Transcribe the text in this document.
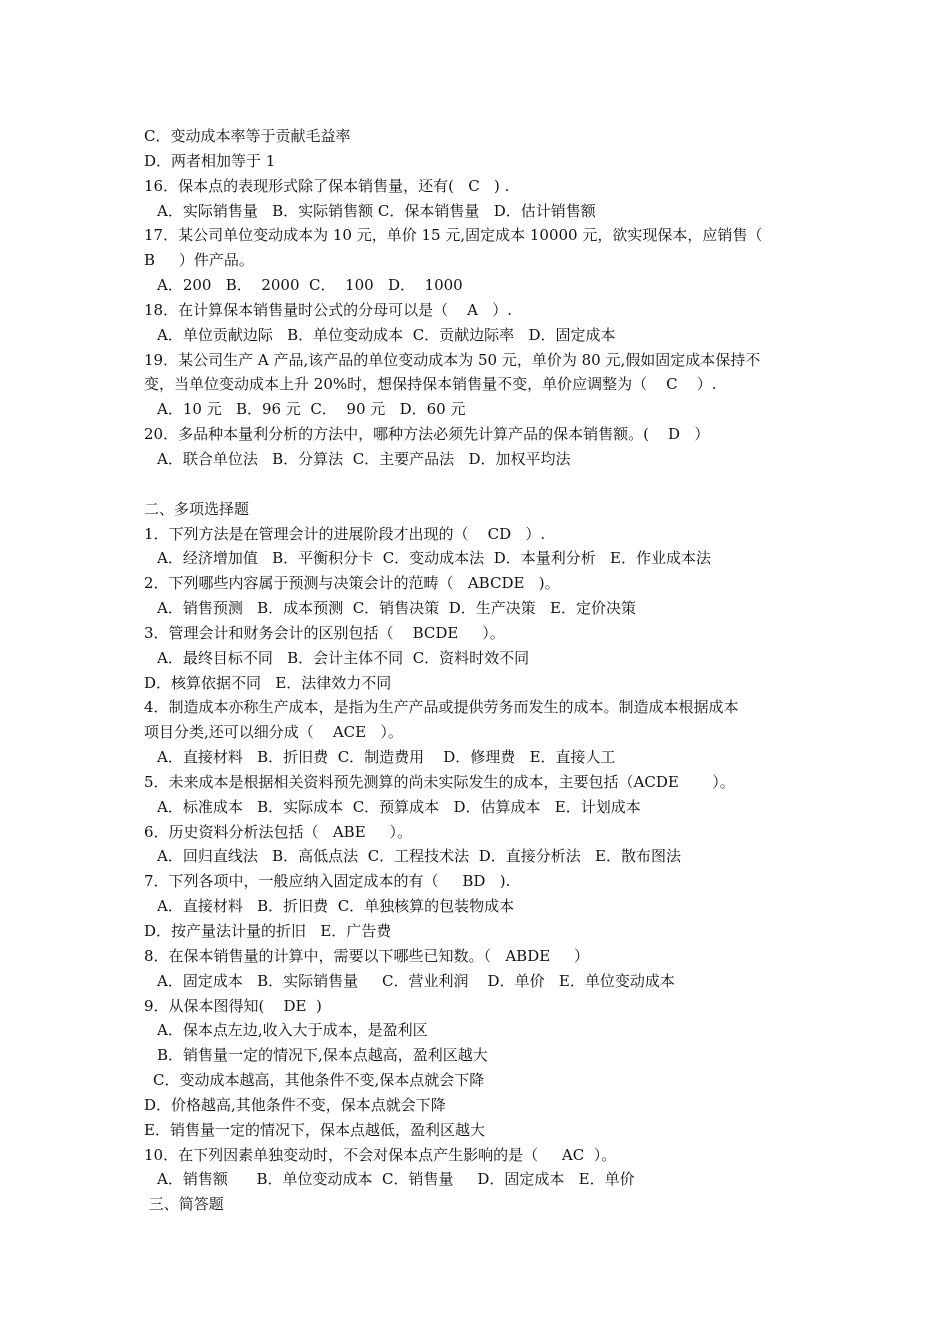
C．变动成本率等于贡献毛益率
D．两者相加等于 1
16．保本点的表现形式除了保本销售量，还有(   C   ) .
A．实际销售量   B．实际销售额 C．保本销售量   D．估计销售额
17．某公司单位变动成本为 10 元，单价 15 元,固定成本 10000 元，欲实现保本，应销售（
B     ）件产品。
A．200   B．  2000  C．  100   D．  1000
18．在计算保本销售量时公式的分母可以是（    A   ）.
A．单位贡献边际   B．单位变动成本  C．贡献边际率   D．固定成本
19．某公司生产 A 产品,该产品的单位变动成本为 50 元，单价为 80 元,假如固定成本保持不
变，当单位变动成本上升 20%时，想保持保本销售量不变，单价应调整为（    C    ）.
A．10 元   B．96 元  C．  90 元   D．60 元
20．多品种本量利分析的方法中，哪种方法必须先计算产品的保本销售额。(    D   ）
A．联合单位法   B．分算法  C．主要产品法   D．加权平均法
二、多项选择题
1．下列方法是在管理会计的进展阶段才出现的（    CD   ）.
A．经济增加值   B．平衡积分卡  C．变动成本法  D．本量利分析   E．作业成本法
2．下列哪些内容属于预测与决策会计的范畴（   ABCDE   )。
A．销售预测   B．成本预测  C．销售决策  D．生产决策   E．定价决策
3．管理会计和财务会计的区别包括（    BCDE     ）。
A．最终目标不同   B．会计主体不同  C．资料时效不同
D．核算依据不同   E．法律效力不同
4．制造成本亦称生产成本，是指为生产产品或提供劳务而发生的成本。制造成本根据成本
项目分类,还可以细分成（    ACE   ）。
A．直接材料   B．折旧费  C．制造费用    D．修理费   E．直接人工
5．未来成本是根据相关资料预先测算的尚未实际发生的成本，主要包括（ACDE       ）。
A．标准成本   B．实际成本  C．预算成本   D．估算成本   E．计划成本
6．历史资料分析法包括（   ABE     ）。
A．回归直线法   B．高低点法  C．工程技术法  D．直接分析法   E．散布图法
7．下列各项中，一般应纳入固定成本的有（     BD   ).
A．直接材料   B．折旧费  C．单独核算的包装物成本
D．按产量法计量的折旧   E．广告费
8．在保本销售量的计算中，需要以下哪些已知数。（   ABDE     ）
A．固定成本   B．实际销售量     C．营业利润    D．单价   E．单位变动成本
9．从保本图得知(    DE  )
A．保本点左边,收入大于成本，是盈利区
B．销售量一定的情况下,保本点越高，盈利区越大
C．变动成本越高，其他条件不变,保本点就会下降
D．价格越高,其他条件不变，保本点就会下降
E．销售量一定的情况下，保本点越低，盈利区越大
10．在下列因素单独变动时，不会对保本点产生影响的是（     AC  ）。
A．销售额      B．单位变动成本  C．销售量     D．固定成本   E．单价
三、简答题
